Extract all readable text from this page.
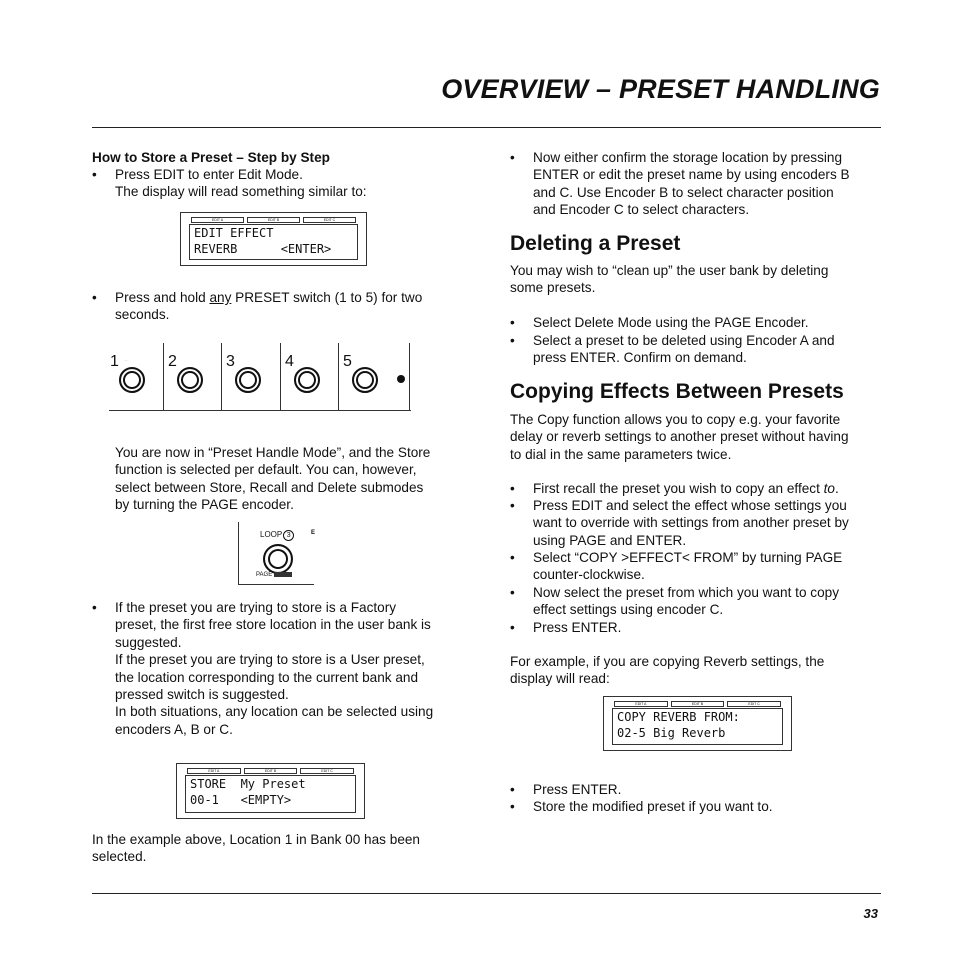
OVERVIEW – PRESET HANDLING
How to Store a Preset – Step by Step
• Press EDIT to enter Edit Mode.
The display will read something similar to:
EDIT A	EDIT B	EDIT C
EDIT EFFECT
REVERB      <ENTER>
• Press and hold any PRESET switch (1 to 5) for two
seconds.
1 ····· 2	3	4	5
You are now in “Preset Handle Mode”, and the Store
function is selected per default. You can, however,
select between Store, Recall and Delete submodes
by turning the PAGE encoder.
LOOP 3	E
PAGE
• If the preset you are trying to store is a Factory
preset, the first free store location in the user bank is
suggested.
If the preset you are trying to store is a User preset,
the location corresponding to the current bank and
pressed switch is suggested.
In both situations, any location can be selected using
encoders A, B or C.
EDIT A	EDIT B	EDIT C
STORE  My Preset
00-1   <EMPTY>
In the example above, Location 1 in Bank 00 has been
selected.
• Now either confirm the storage location by pressing
ENTER or edit the preset name by using encoders B
and C. Use Encoder B to select character position
and Encoder C to select characters.
Deleting a Preset
You may wish to “clean up” the user bank by deleting
some presets.
• Select Delete Mode using the PAGE Encoder.
• Select a preset to be deleted using Encoder A and
press ENTER. Confirm on demand.
Copying Effects Between Presets
The Copy function allows you to copy e.g. your favorite
delay or reverb settings to another preset without having
to dial in the same parameters twice.
• First recall the preset you wish to copy an effect to.
• Press EDIT and select the effect whose settings you
want to override with settings from another preset by
using PAGE and ENTER.
• Select “COPY >EFFECT< FROM” by turning PAGE
counter-clockwise.
• Now select the preset from which you want to copy
effect settings using encoder C.
• Press ENTER.
For example, if you are copying Reverb settings, the
display will read:
EDIT A	EDIT B	EDIT C
COPY REVERB FROM:
02-5 Big Reverb
• Press ENTER.
• Store the modified preset if you want to.
33
